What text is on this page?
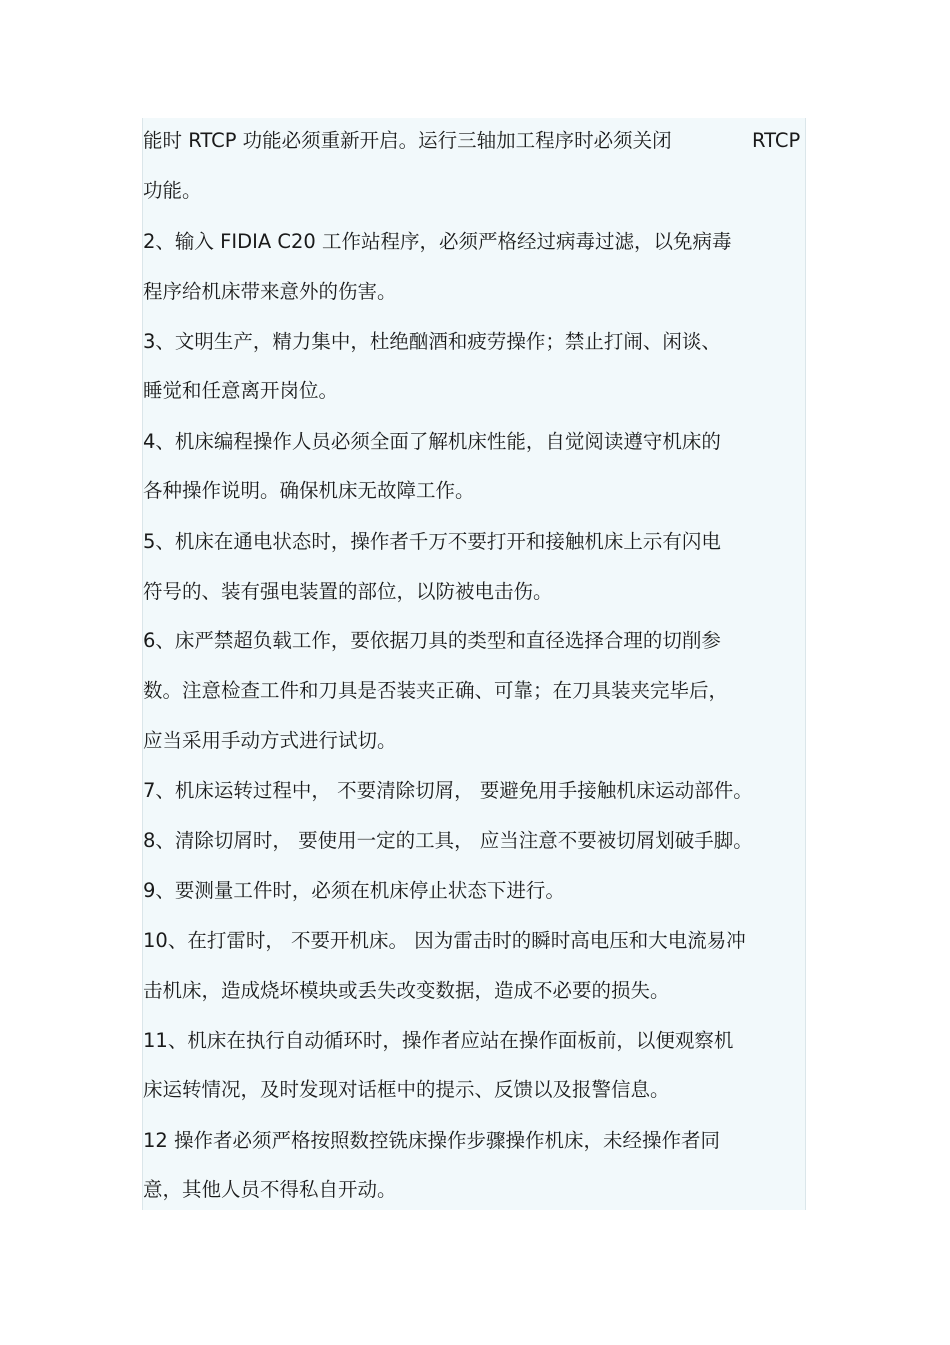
能时 RTCP 功能必须重新开启。运行三轴加工程序时必须关闭	RTCP
功能。
2、输入 FIDIA C20 工作站程序，必须严格经过病毒过滤，以免病毒
程序给机床带来意外的伤害。
3、文明生产，精力集中，杜绝酗酒和疲劳操作；禁止打闹、闲谈、
睡觉和任意离开岗位。
4、机床编程操作人员必须全面了解机床性能，自觉阅读遵守机床的
各种操作说明。确保机床无故障工作。
5、机床在通电状态时，操作者千万不要打开和接触机床上示有闪电
符号的、装有强电装置的部位，以防被电击伤。
6、床严禁超负载工作，要依据刀具的类型和直径选择合理的切削参
数。注意检查工件和刀具是否装夹正确、可靠；在刀具装夹完毕后，
应当采用手动方式进行试切。
7、机床运转过程中， 不要清除切屑， 要避免用手接触机床运动部件。
8、清除切屑时， 要使用一定的工具， 应当注意不要被切屑划破手脚。
9、要测量工件时，必须在机床停止状态下进行。
10、在打雷时， 不要开机床。 因为雷击时的瞬时高电压和大电流易冲
击机床，造成烧坏模块或丢失改变数据，造成不必要的损失。
11、机床在执行自动循环时，操作者应站在操作面板前，以便观察机
床运转情况，及时发现对话框中的提示、反馈以及报警信息。
12 操作者必须严格按照数控铣床操作步骤操作机床，未经操作者同
意，其他人员不得私自开动。
